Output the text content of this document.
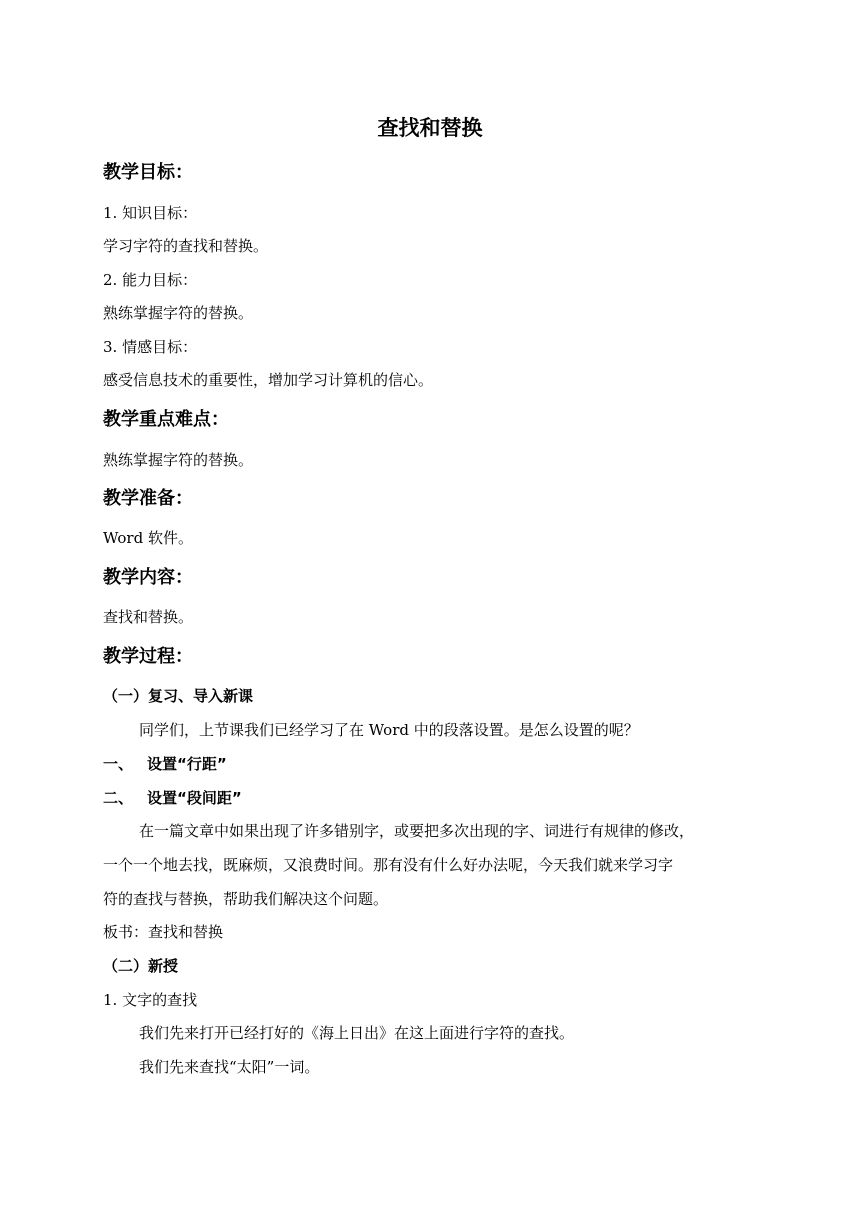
查找和替换
教学目标：
1. 知识目标：
学习字符的查找和替换。
2. 能力目标：
熟练掌握字符的替换。
3. 情感目标：
感受信息技术的重要性，增加学习计算机的信心。
教学重点难点：
熟练掌握字符的替换。
教学准备：
Word 软件。
教学内容：
查找和替换。
教学过程：
（一）复习、导入新课
同学们，上节课我们已经学习了在 Word 中的段落设置。是怎么设置的呢？
一、 设置“行距”
二、 设置“段间距”
在一篇文章中如果出现了许多错别字，或要把多次出现的字、词进行有规律的修改，
一个一个地去找，既麻烦，又浪费时间。那有没有什么好办法呢，今天我们就来学习字
符的查找与替换，帮助我们解决这个问题。
板书：查找和替换
（二）新授
1. 文字的查找
我们先来打开已经打好的《海上日出》在这上面进行字符的查找。
我们先来查找“太阳”一词。
